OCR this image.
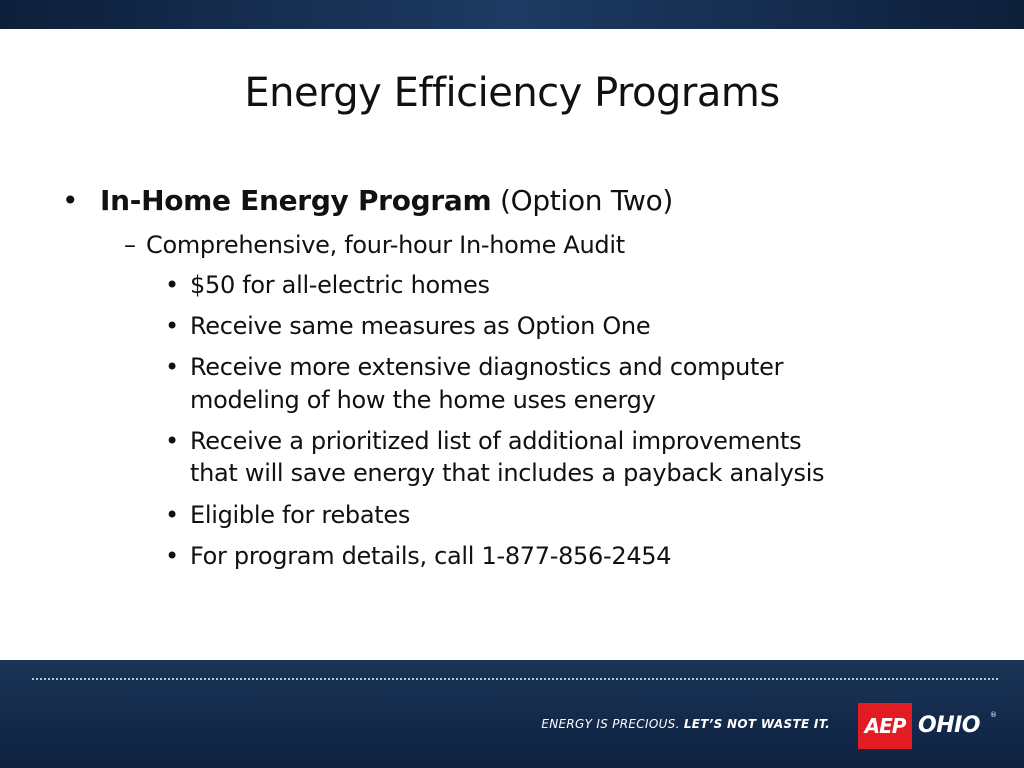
Energy Efficiency Programs
• In-Home Energy Program (Option Two)
– Comprehensive, four-hour In-home Audit
• $50 for all-electric homes
• Receive same measures as Option One
• Receive more extensive diagnostics and computer
modeling of how the home uses energy
• Receive a prioritized list of additional improvements
that will save energy that includes a payback analysis
• Eligible for rebates
• For program details, call 1-877-856-2454
ENERGY IS PRECIOUS. LET’S NOT WASTE IT.	AEP OHIO ®
